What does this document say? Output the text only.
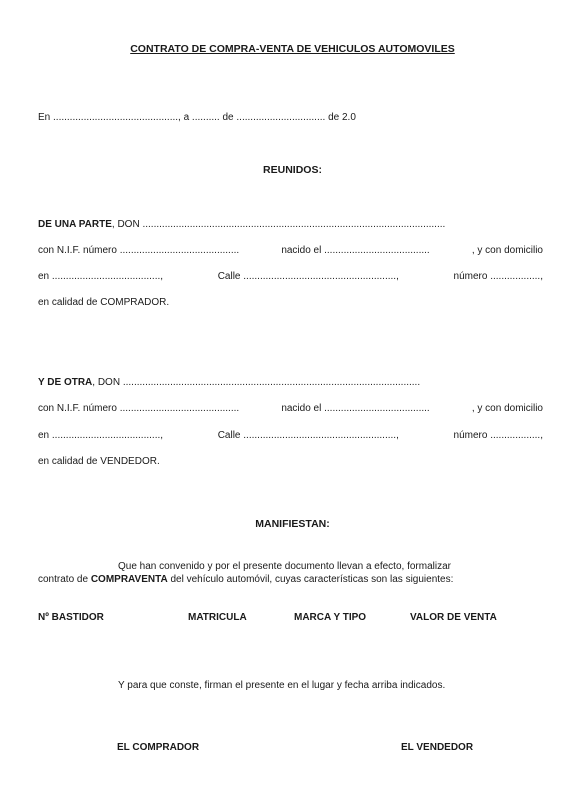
CONTRATO DE COMPRA-VENTA DE VEHICULOS AUTOMOVILES
En ............................................., a .......... de ................................ de 2.0
REUNIDOS:
DE UNA PARTE, DON .............................................................................................................
con N.I.F. número ...........................................	nacido el ......................................	, y con domicilio
en .......................................,	Calle .......................................................,	número ..................,
en calidad de COMPRADOR.
Y DE OTRA, DON ...........................................................................................................
con N.I.F. número ...........................................	nacido el ......................................	, y con domicilio
en .......................................,	Calle .......................................................,	número ..................,
en calidad de VENDEDOR.
MANIFIESTAN:
Que han convenido y por el presente documento llevan a efecto, formalizar
contrato de COMPRAVENTA del vehículo automóvil, cuyas características son las siguientes:
Nº BASTIDOR	MATRICULA	MARCA Y TIPO	VALOR DE VENTA
Y para que conste, firman el presente en el lugar y fecha arriba indicados.
EL COMPRADOR	EL VENDEDOR
